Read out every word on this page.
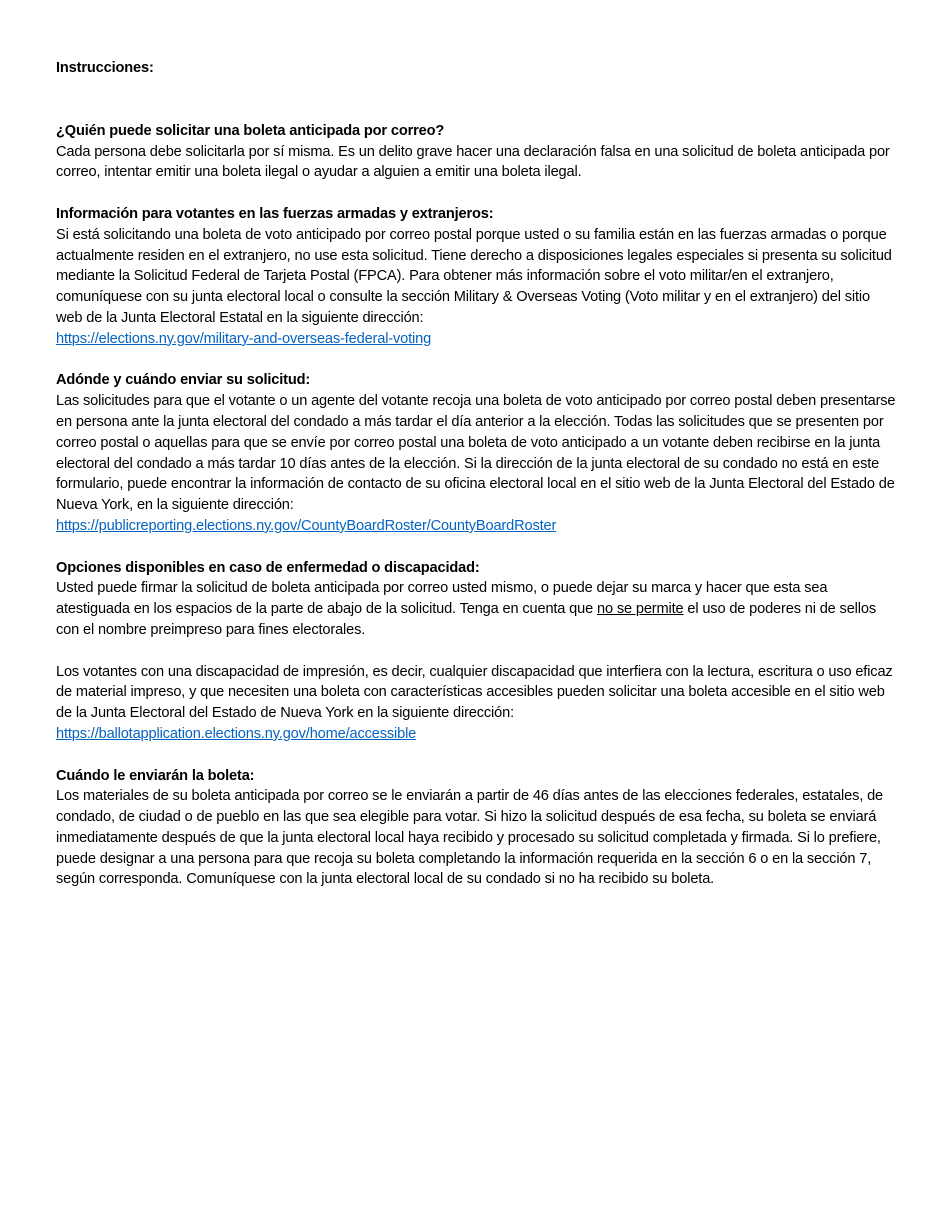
Instrucciones:

¿Quién puede solicitar una boleta anticipada por correo?

Cada persona debe solicitarla por sí misma. Es un delito grave hacer una declaración falsa en una solicitud de boleta anticipada por correo, intentar emitir una boleta ilegal o ayudar a alguien a emitir una boleta ilegal.

Información para votantes en las fuerzas armadas y extranjeros:

Si está solicitando una boleta de voto anticipado por correo postal porque usted o su familia están en las fuerzas armadas o porque actualmente residen en el extranjero, no use esta solicitud. Tiene derecho a disposiciones legales especiales si presenta su solicitud mediante la Solicitud Federal de Tarjeta Postal (FPCA). Para obtener más información sobre el voto militar/en el extranjero, comuníquese con su junta electoral local o consulte la sección Military & Overseas Voting (Voto militar y en el extranjero) del sitio web de la Junta Electoral Estatal en la siguiente dirección:

https://elections.ny.gov/military-and-overseas-federal-voting

Adónde y cuándo enviar su solicitud:

Las solicitudes para que el votante o un agente del votante recoja una boleta de voto anticipado por correo postal deben presentarse en persona ante la junta electoral del condado a más tardar el día anterior a la elección. Todas las solicitudes que se presenten por correo postal o aquellas para que se envíe por correo postal una boleta de voto anticipado a un votante deben recibirse en la junta electoral del condado a más tardar 10 días antes de la elección. Si la dirección de la junta electoral de su condado no está en este formulario, puede encontrar la información de contacto de su oficina electoral local en el sitio web de la Junta Electoral del Estado de Nueva York, en la siguiente dirección:

https://publicreporting.elections.ny.gov/CountyBoardRoster/CountyBoardRoster

Opciones disponibles en caso de enfermedad o discapacidad:

Usted puede firmar la solicitud de boleta anticipada por correo usted mismo, o puede dejar su marca y hacer que esta sea atestiguada en los espacios de la parte de abajo de la solicitud. Tenga en cuenta que no se permite el uso de poderes ni de sellos con el nombre preimpreso para fines electorales.

Los votantes con una discapacidad de impresión, es decir, cualquier discapacidad que interfiera con la lectura, escritura o uso eficaz de material impreso, y que necesiten una boleta con características accesibles pueden solicitar una boleta accesible en el sitio web de la Junta Electoral del Estado de Nueva York en la siguiente dirección:

https://ballotapplication.elections.ny.gov/home/accessible

Cuándo le enviarán la boleta:

Los materiales de su boleta anticipada por correo se le enviarán a partir de 46 días antes de las elecciones federales, estatales, de condado, de ciudad o de pueblo en las que sea elegible para votar. Si hizo la solicitud después de esa fecha, su boleta se enviará inmediatamente después de que la junta electoral local haya recibido y procesado su solicitud completada y firmada. Si lo prefiere, puede designar a una persona para que recoja su boleta completando la información requerida en la sección 6 o en la sección 7, según corresponda. Comuníquese con la junta electoral local de su condado si no ha recibido su boleta.
